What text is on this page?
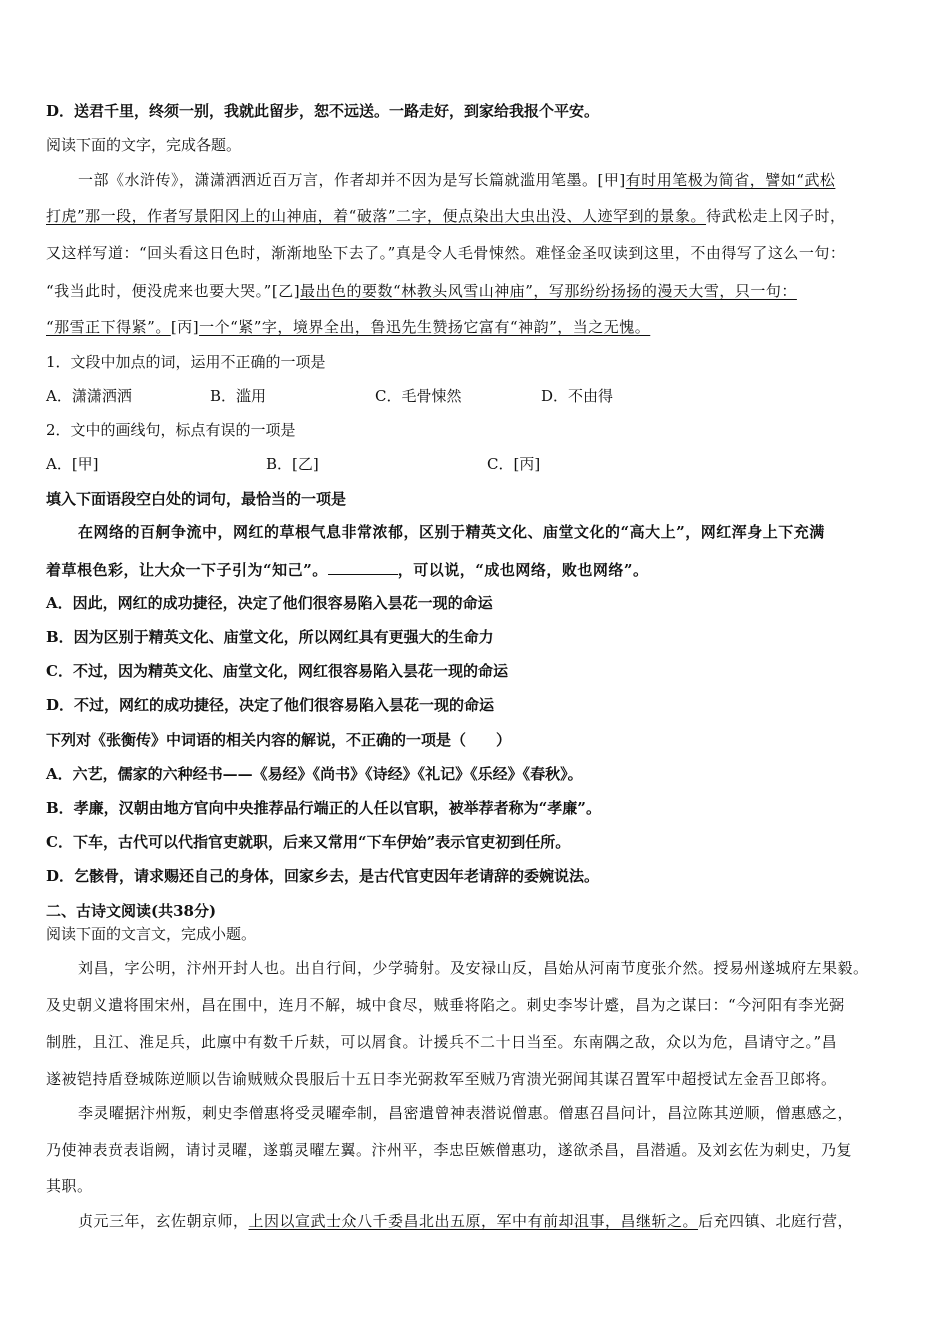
D．送君千里，终须一别，我就此留步，恕不远送。一路走好，到家给我报个平安。
阅读下面的文字，完成各题。
一部《水浒传》，潇潇洒洒近百万言，作者却并不因为是写长篇就滥用笔墨。[甲]有时用笔极为简省，譬如“武松
打虎”那一段，作者写景阳冈上的山神庙，着“破落”二字，便点染出大虫出没、人迹罕到的景象。待武松走上冈子时，
又这样写道：“回头看这日色时，渐渐地坠下去了。”真是令人毛骨悚然。难怪金圣叹读到这里，不由得写了这么一句：
“我当此时，便没虎来也要大哭。”[乙]最出色的要数“林教头风雪山神庙”，写那纷纷扬扬的漫天大雪，只一句：
“那雪正下得紧”。[丙]一个“紧”字，境界全出，鲁迅先生赞扬它富有“神韵”，当之无愧。
1．文段中加点的词，运用不正确的一项是
A．潇潇洒洒	B．滥用	C．毛骨悚然	D．不由得
2．文中的画线句，标点有误的一项是
A．[甲]	B．[乙]	C．[丙]
填入下面语段空白处的词句，最恰当的一项是
在网络的百舸争流中，网红的草根气息非常浓郁，区别于精英文化、庙堂文化的“高大上”，网红浑身上下充满
着草根色彩，让大众一下子引为“知己”。	，可以说，“成也网络，败也网络”。
A．因此，网红的成功捷径，决定了他们很容易陷入昙花一现的命运
B．因为区别于精英文化、庙堂文化，所以网红具有更强大的生命力
C．不过，因为精英文化、庙堂文化，网红很容易陷入昙花一现的命运
D．不过，网红的成功捷径，决定了他们很容易陷入昙花一现的命运
下列对《张衡传》中词语的相关内容的解说，不正确的一项是（　　）
A．六艺，儒家的六种经书——《易经》《尚书》《诗经》《礼记》《乐经》《春秋》。
B．孝廉，汉朝由地方官向中央推荐品行端正的人任以官职，被举荐者称为“孝廉”。
C．下车，古代可以代指官吏就职，后来又常用“下车伊始”表示官吏初到任所。
D．乞骸骨，请求赐还自己的身体，回家乡去，是古代官吏因年老请辞的委婉说法。
二、古诗文阅读(共38分)
阅读下面的文言文，完成小题。
刘昌，字公明，汴州开封人也。出自行间，少学骑射。及安禄山反，昌始从河南节度张介然。授易州遂城府左果毅。
及史朝义遣将围宋州，昌在围中，连月不解，城中食尽，贼垂将陷之。刺史李岑计蹙，昌为之谋曰：“今河阳有李光弼
制胜，且江、淮足兵，此廪中有数千斤麸，可以屑食。计援兵不二十日当至。东南隅之敌，众以为危，昌请守之。”昌
遂被铠持盾登城陈逆顺以告谕贼贼众畏服后十五日李光弼救军至贼乃宵溃光弼闻其谋召置军中超授试左金吾卫郎将。
李灵曜据汴州叛，刺史李僧惠将受灵曜牵制，昌密遣曾神表潜说僧惠。僧惠召昌问计，昌泣陈其逆顺，僧惠感之，
乃使神表贲表诣阙，请讨灵曜，遂翦灵曜左翼。汴州平，李忠臣嫉僧惠功，遂欲杀昌，昌潜遁。及刘玄佐为刺史，乃复
其职。
贞元三年，玄佐朝京师，上因以宣武士众八千委昌北出五原，军中有前却沮事，昌继斩之。后充四镇、北庭行营，
